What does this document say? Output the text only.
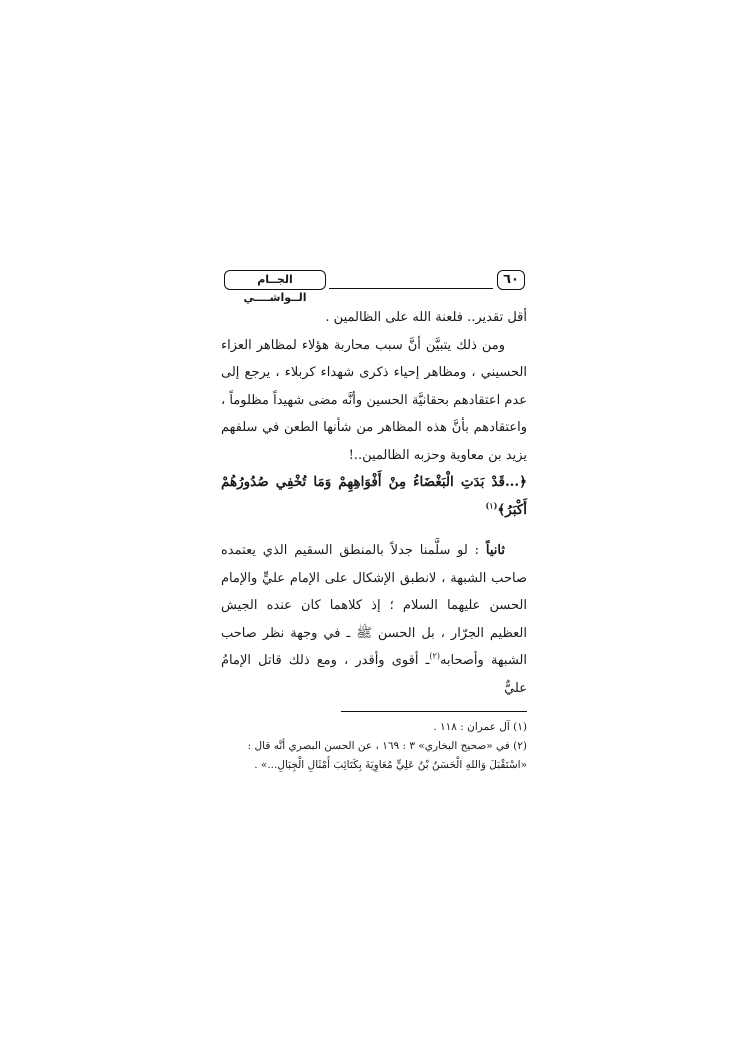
٦٠
الجــام الــواشــــي

أقل تقدير.. فلعنة الله على الظالمين .

ومن ذلك يتبيَّن أنَّ سبب محاربة هؤلاء لمظاهر العزاء الحسيني ، ومظاهر إحياء ذكرى شهداء كربلاء ، يرجع إلى عدم اعتقادهم بحقانيَّة الحسين وأنَّه مضى شهيداً مظلوماً ، واعتقادهم بأنَّ هذه المظاهر من شأنها الطعن في سلفهم يزيد بن معاوية وحزبه الظالمين..!

﴿...قَدْ بَدَتِ الْبَغْضَاءُ مِنْ أَفْوَاهِهِمْ وَمَا تُخْفِي صُدُورُهُمْ أَكْبَرُ﴾$^{(١)}$

ثانياً : لو سلَّمنا جدلاً بالمنطق السقيم الذي يعتمده صاحب الشبهة ، لانطبق الإشكال على الإمام عليٍّ والإمام الحسن عليهما السلام ؛ إذ كلاهما كان عنده الجيش العظيم الجرّار ، بل الحسن ﷺ ـ في وجهة نظر صاحب الشبهة وأصحابه$^{(٢)}$ـ أقوى وأقدر ، ومع ذلك قاتل الإمامُ عليٌّ

(١) آل عمران : ١١٨ .

(٢) في «صحيح البخاري» ٣ : ١٦٩ ، عن الحسن البصري أنَّه قال :

«اسْتَقْبَلَ وَاللهِ الْحَسَنُ بْنُ عَلِيٍّ مُعَاوِيَةَ بِكَتَائِبَ أَمْثَالِ الْجِبَالِ...» .
